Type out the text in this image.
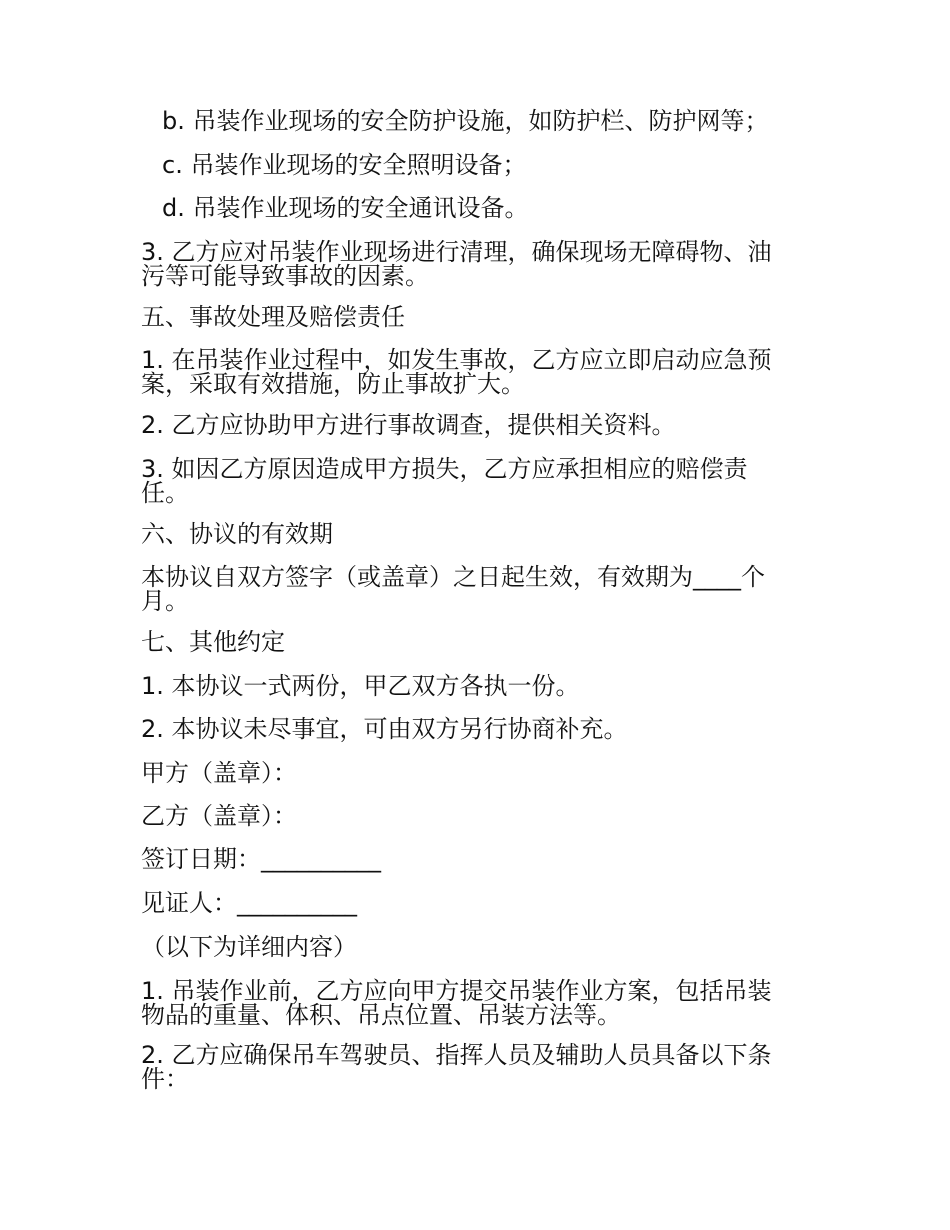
b. 吊装作业现场的安全防护设施，如防护栏、防护网等；
c. 吊装作业现场的安全照明设备；
d. 吊装作业现场的安全通讯设备。
3. 乙方应对吊装作业现场进行清理，确保现场无障碍物、油
污等可能导致事故的因素。
五、事故处理及赔偿责任
1. 在吊装作业过程中，如发生事故，乙方应立即启动应急预
案，采取有效措施，防止事故扩大。
2. 乙方应协助甲方进行事故调查，提供相关资料。
3. 如因乙方原因造成甲方损失，乙方应承担相应的赔偿责
任。
六、协议的有效期
本协议自双方签字（或盖章）之日起生效，有效期为____个
月。
七、其他约定
1. 本协议一式两份，甲乙双方各执一份。
2. 本协议未尽事宜，可由双方另行协商补充。
甲方（盖章）：
乙方（盖章）：
签订日期：__________
见证人：__________
（以下为详细内容）
1. 吊装作业前，乙方应向甲方提交吊装作业方案，包括吊装
物品的重量、体积、吊点位置、吊装方法等。
2. 乙方应确保吊车驾驶员、指挥人员及辅助人员具备以下条
件：
